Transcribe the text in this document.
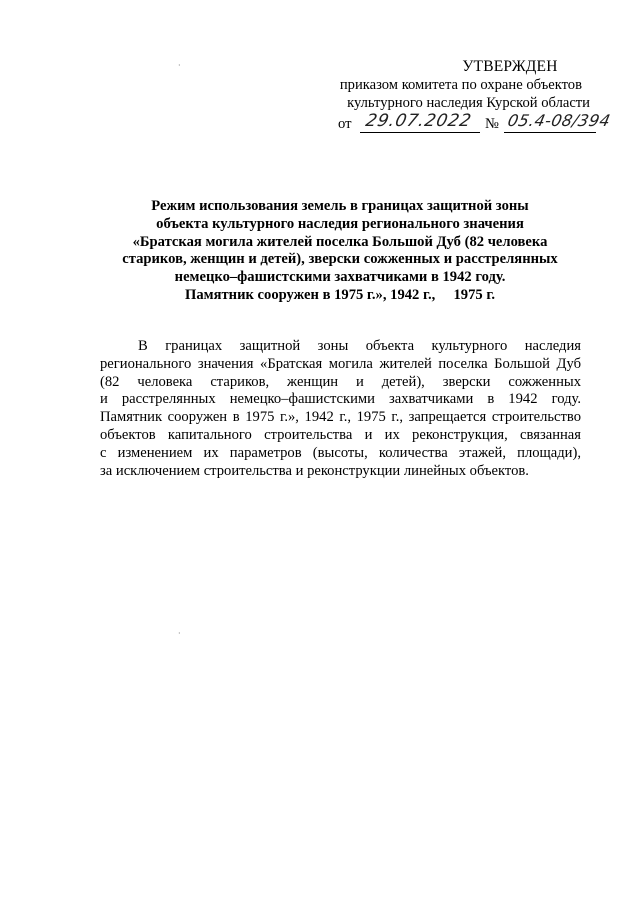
⸒
⸒
УТВЕРЖДЕН
приказом комитета по охране объектов
культурного наследия Курской области
от 29.07.2022 № 05.4-08/394
Режим использования земель в границах защитной зоны
объекта культурного наследия регионального значения
«Братская могила жителей поселка Большой Дуб (82 человека
стариков, женщин и детей), зверски сожженных и расстрелянных
немецко–фашистскими захватчиками в 1942 году.
Памятник сооружен в 1975 г.», 1942 г.,     1975 г.
В границах защитной зоны объекта культурного наследия
регионального значения «Братская могила жителей поселка Большой Дуб
(82 человека стариков, женщин и детей), зверски сожженных
и расстрелянных немецко–фашистскими захватчиками в 1942 году.
Памятник сооружен в 1975 г.», 1942 г., 1975 г., запрещается строительство
объектов капитального строительства и их реконструкция, связанная
с изменением их параметров (высоты, количества этажей, площади),
за исключением строительства и реконструкции линейных объектов.
